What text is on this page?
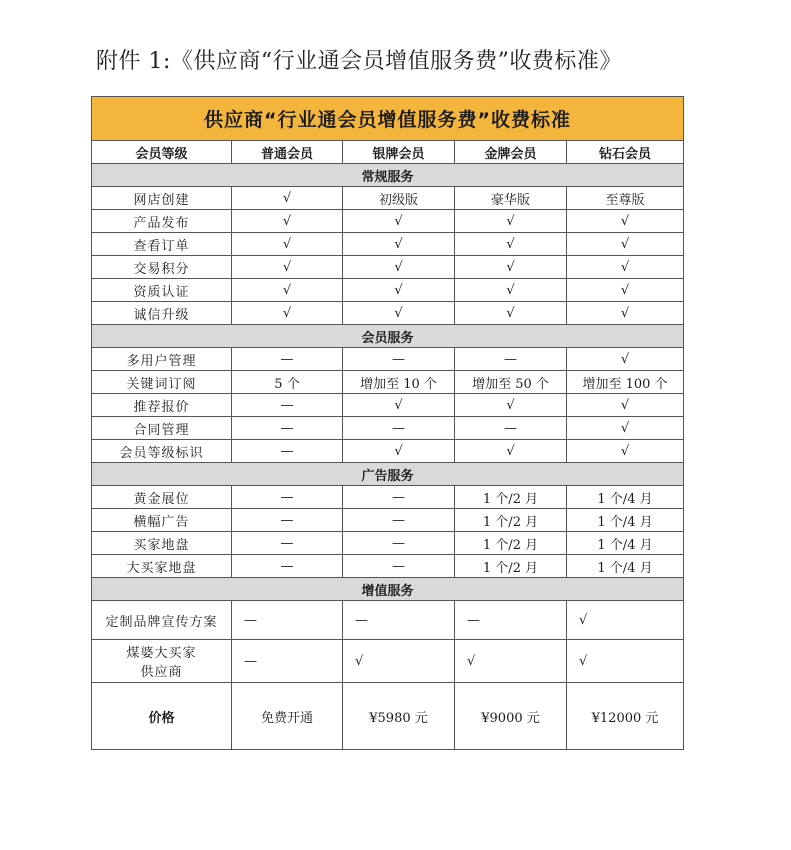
附件 1:《供应商“行业通会员增值服务费”收费标准》
供应商“行业通会员增值服务费”收费标准				
会员等级	普通会员	银牌会员	金牌会员	钻石会员
常规服务				
网店创建	√	初级版	豪华版	至尊版
产品发布	√	√	√	√
查看订单	√	√	√	√
交易积分	√	√	√	√
资质认证	√	√	√	√
诚信升级	√	√	√	√
会员服务				
多用户管理	—	—	—	√
关键词订阅	5 个	增加至 10 个	增加至 50 个	增加至 100 个
推荐报价	—	√	√	√
合同管理	—	—	—	√
会员等级标识	—	√	√	√
广告服务				
黄金展位	—	—	1 个/2 月	1 个/4 月
横幅广告	—	—	1 个/2 月	1 个/4 月
买家地盘	—	—	1 个/2 月	1 个/4 月
大买家地盘	—	—	1 个/2 月	1 个/4 月
增值服务				
定制品牌宣传方案	—	—	—	√

煤婆大买家
供应商	—	√	√	√
价格	免费开通	¥5980 元	¥9000 元	¥12000 元
